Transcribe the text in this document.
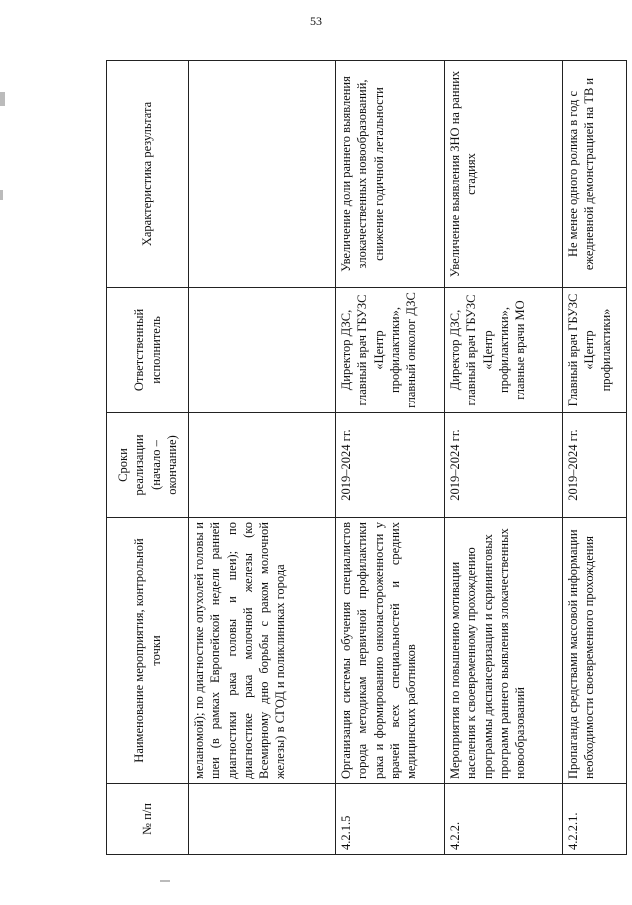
53
№ п/п	Наименование мероприятия, контрольной точки	Сроки реализации (начало – окончание)	Ответственный исполнитель	Характеристика результата
	меланомой); по диагностике опухолей головы и шеи (в рамках Европейской недели ранней диагностики рака головы и шеи); по диагностике рака молочной железы (ко Всемирному дню борьбы с раком молочной железы) в СГОД и поликлиниках города			
4.2.1.5	Организация системы обучения специалистов города методикам первичной профилактики рака и формированию онконастороженности у врачей всех специальностей и средних медицинских работников	2019–2024 гг.	Директор ДЗС, главный врач ГБУЗС «Центр профилактики», главный онколог ДЗС	Увеличение доли раннего выявления злокачественных новообразований, снижение годичной летальности
4.2.2.	Мероприятия по повышению мотивации населения к своевременному прохождению программы диспансеризации и скрининговых программ раннего выявления злокачественных новообразований	2019–2024 гг.	Директор ДЗС, главный врач ГБУЗС «Центр профилактики», главные врачи МО	Увеличение выявления ЗНО на ранних стадиях
4.2.2.1.	Пропаганда средствами массовой информации необходимости своевременного прохождения	2019–2024 гг.	Главный врач ГБУЗС «Центр профилактики»	Не менее одного ролика в год с ежедневной демонстрацией на ТВ и
